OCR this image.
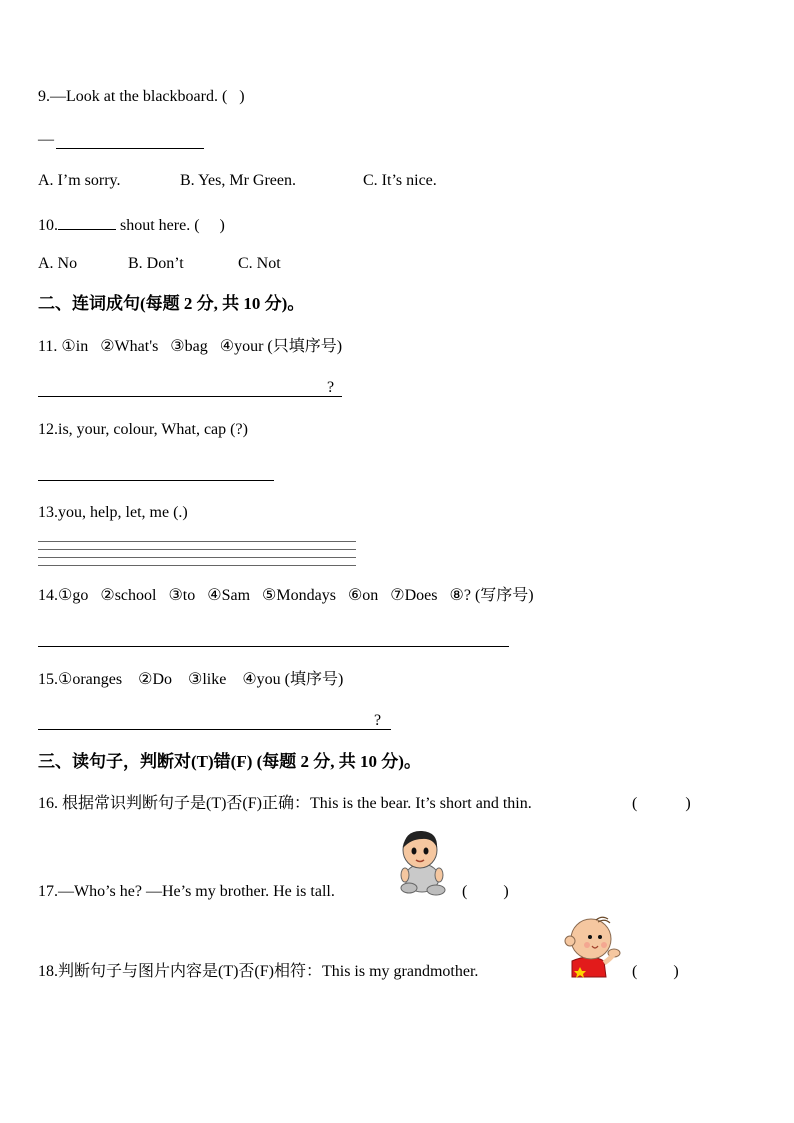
9.—Look at the blackboard. (   )
—
A. I’m sorry.	B. Yes, Mr Green.	C. It’s nice.
10.	shout here. (     )
A. No	B. Don’t	C. Not
二、连词成句(每题 2 分, 共 10 分)。
11. ①in   ②What's   ③bag   ④your (只填序号)
?
12.is, your, colour, What, cap (?)
13.you, help, let, me (.)
14.①go   ②school   ③to   ④Sam   ⑤Mondays   ⑥on   ⑦Does   ⑧? (写序号)
15.①oranges    ②Do    ③like    ④you (填序号)
?
三、读句子，判断对(T)错(F) (每题 2 分, 共 10 分)。
16. 根据常识判断句子是(T)否(F)正确：This is the bear. It’s short and thin.	(            )
17.—Who’s he? —He’s my brother. He is tall.	(         )
18.判断句子与图片内容是(T)否(F)相符：This is my grandmother.	(         )
